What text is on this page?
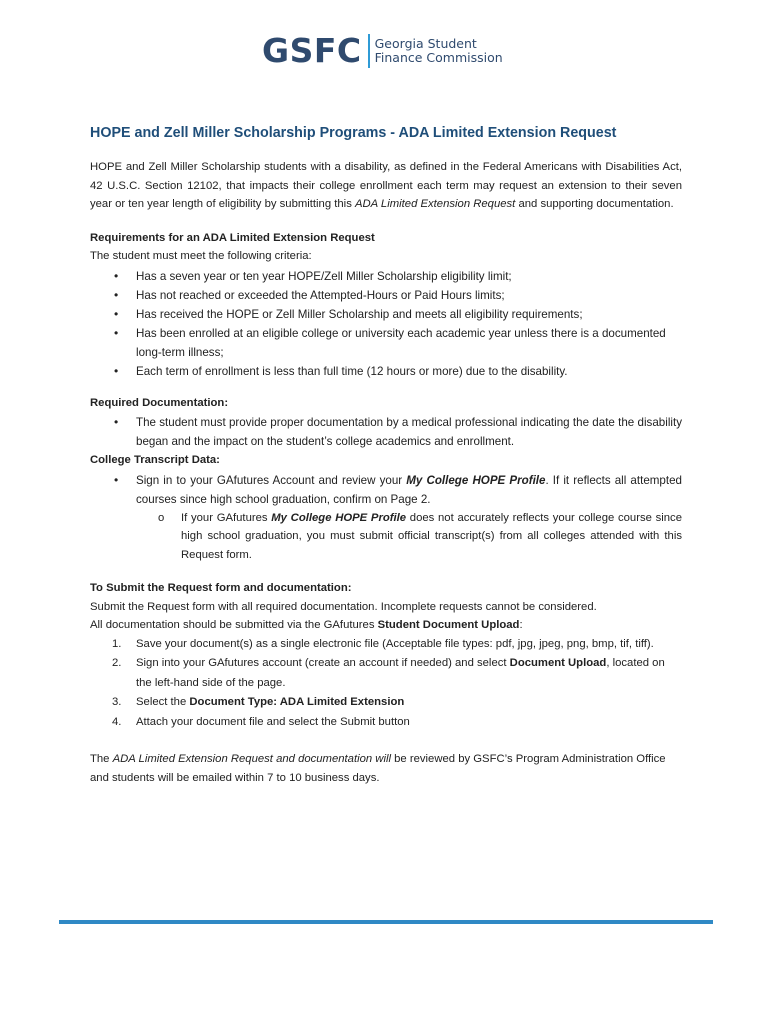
GSFC Georgia Student
Finance Commission
HOPE and Zell Miller Scholarship Programs - ADA Limited Extension Request

HOPE and Zell Miller Scholarship students with a disability, as defined in the Federal Americans with Disabilities Act, 42 U.S.C. Section 12102, that impacts their college enrollment each term may request an extension to their seven year or ten year length of eligibility by submitting this ADA Limited Extension Request and supporting documentation.

Requirements for an ADA Limited Extension Request

The student must meet the following criteria:

• Has a seven year or ten year HOPE/Zell Miller Scholarship eligibility limit;
• Has not reached or exceeded the Attempted-Hours or Paid Hours limits;
• Has received the HOPE or Zell Miller Scholarship and meets all eligibility requirements;
• Has been enrolled at an eligible college or university each academic year unless there is a documented long-term illness;
• Each term of enrollment is less than full time (12 hours or more) due to the disability.

Required Documentation:

• The student must provide proper documentation by a medical professional indicating the date the disability began and the impact on the student’s college academics and enrollment.

College Transcript Data:

• Sign in to your GAfutures Account and review your My College HOPE Profile. If it reflects all attempted courses since high school graduation, confirm on Page 2.
o If your GAfutures My College HOPE Profile does not accurately reflects your college course since high school graduation, you must submit official transcript(s) from all colleges attended with this Request form.

To Submit the Request form and documentation:

Submit the Request form with all required documentation. Incomplete requests cannot be considered.

All documentation should be submitted via the GAfutures Student Document Upload:

1. Save your document(s) as a single electronic file (Acceptable file types: pdf, jpg, jpeg, png, bmp, tif, tiff).
2. Sign into your GAfutures account (create an account if needed) and select Document Upload, located on the left-hand side of the page.
3. Select the Document Type: ADA Limited Extension
4. Attach your document file and select the Submit button

The ADA Limited Extension Request and documentation will be reviewed by GSFC’s Program Administration Office and students will be emailed within 7 to 10 business days.
